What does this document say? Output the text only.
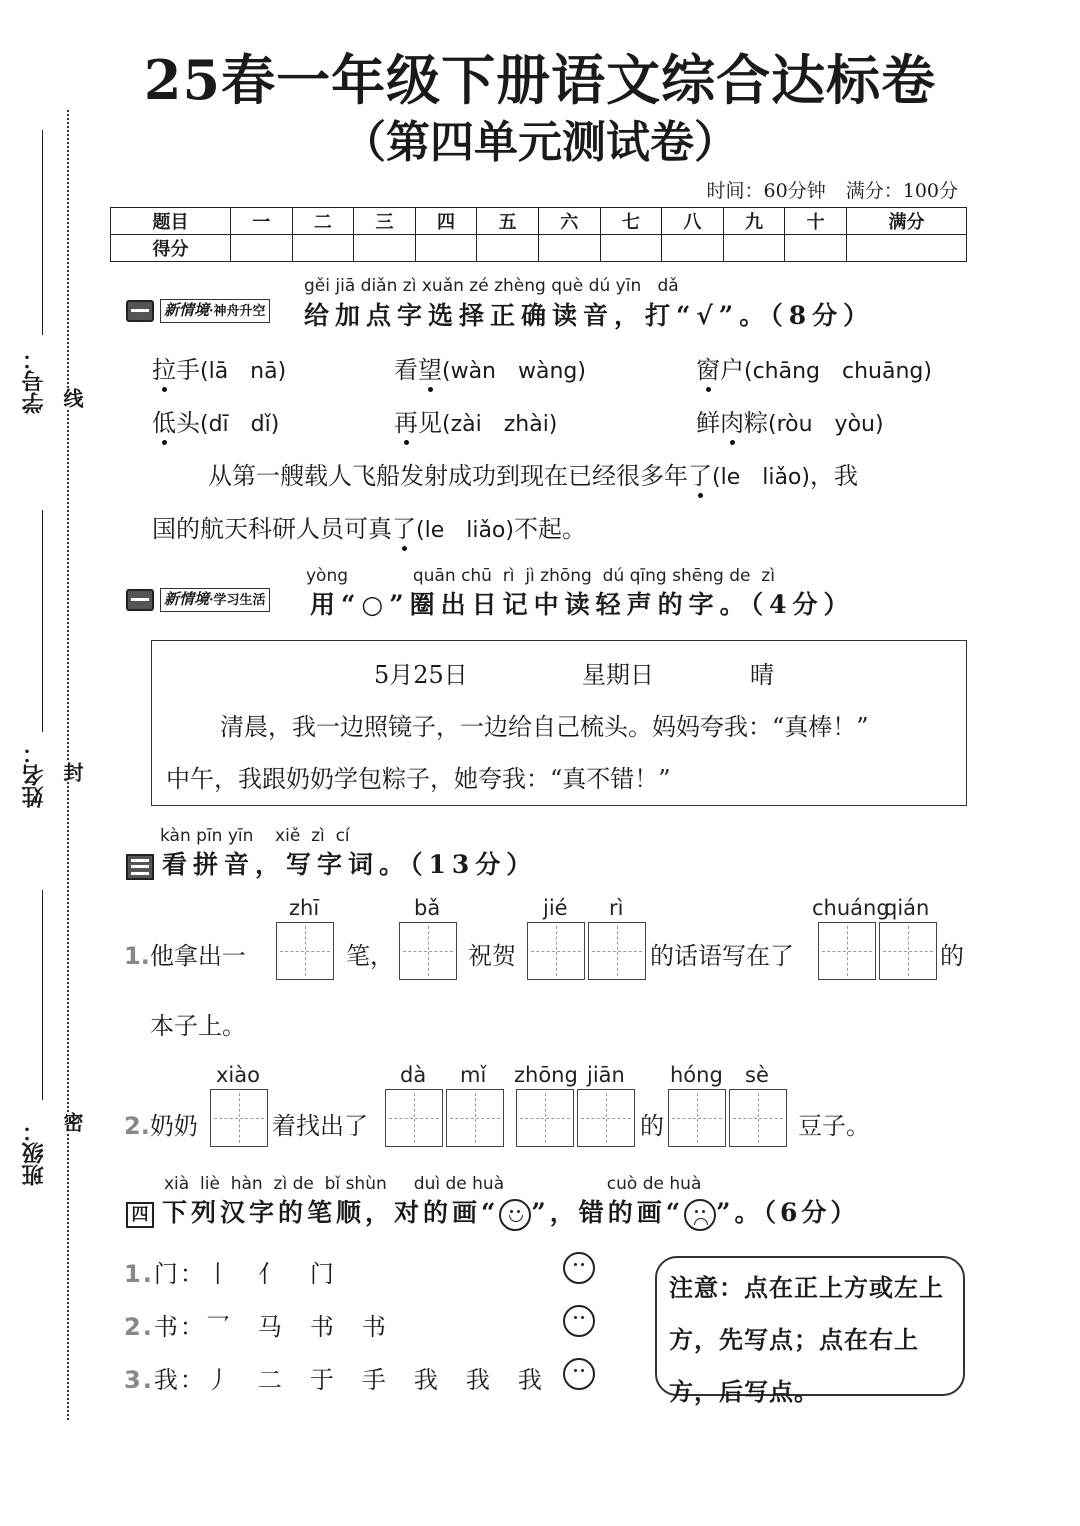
25春一年级下册语文综合达标卷
（第四单元测试卷）
时间：60分钟 满分：100分
题目	一	二	三	四	五	六	七	八	九	十	满分
得分											
学号： 线
姓名： 封
班级： 密
新情境·神舟升空
gěi jiā diǎn zì xuǎn zé zhèng què dú yīn dǎ
给加点字选择正确读音，打“√”。（8分）
拉手(lā　nā)	看望(wàn　wàng)	窗户(chāng　chuāng)
低头(dī　dǐ)	再见(zài　zhài)	鲜肉粽(ròu　yòu)
从第一艘载人飞船发射成功到现在已经很多年了(le　liǎo)，我
国的航天科研人员可真了(le　liǎo)不起。
新情境·学习生活
yòng	quān chū rì jì zhōng dú qīng shēng de zì
用“○”圈出日记中读轻声的字。（4分）
5月25日	星期日	晴
清晨，我一边照镜子，一边给自己梳头。妈妈夸我：“真棒！”
中午，我跟奶奶学包粽子，她夸我：“真不错！”
kàn pīn yīn xiě zì cí
看拼音，写字词。（13分）
zhī	bǎ	jié rì	chuáng
qián
1.他拿出一	笔，	祝贺	的话语写在了	的
本子上。
xiào	dà mǐ zhōng jiān hóng sè
2.奶奶	着找出了	的	豆子。
xià liè hàn zì de bǐ shùn duì de huà	cuò de huà
四 下列汉字的笔顺，对的画“ ”，错的画“ ”。（6分）
1.门：丨　亻　门
2.书：乛　马　书　书
3.我：丿　二　于　手　我　我　我
注意：点在正上方或左上方，先写点；点在右上方，后写点。
